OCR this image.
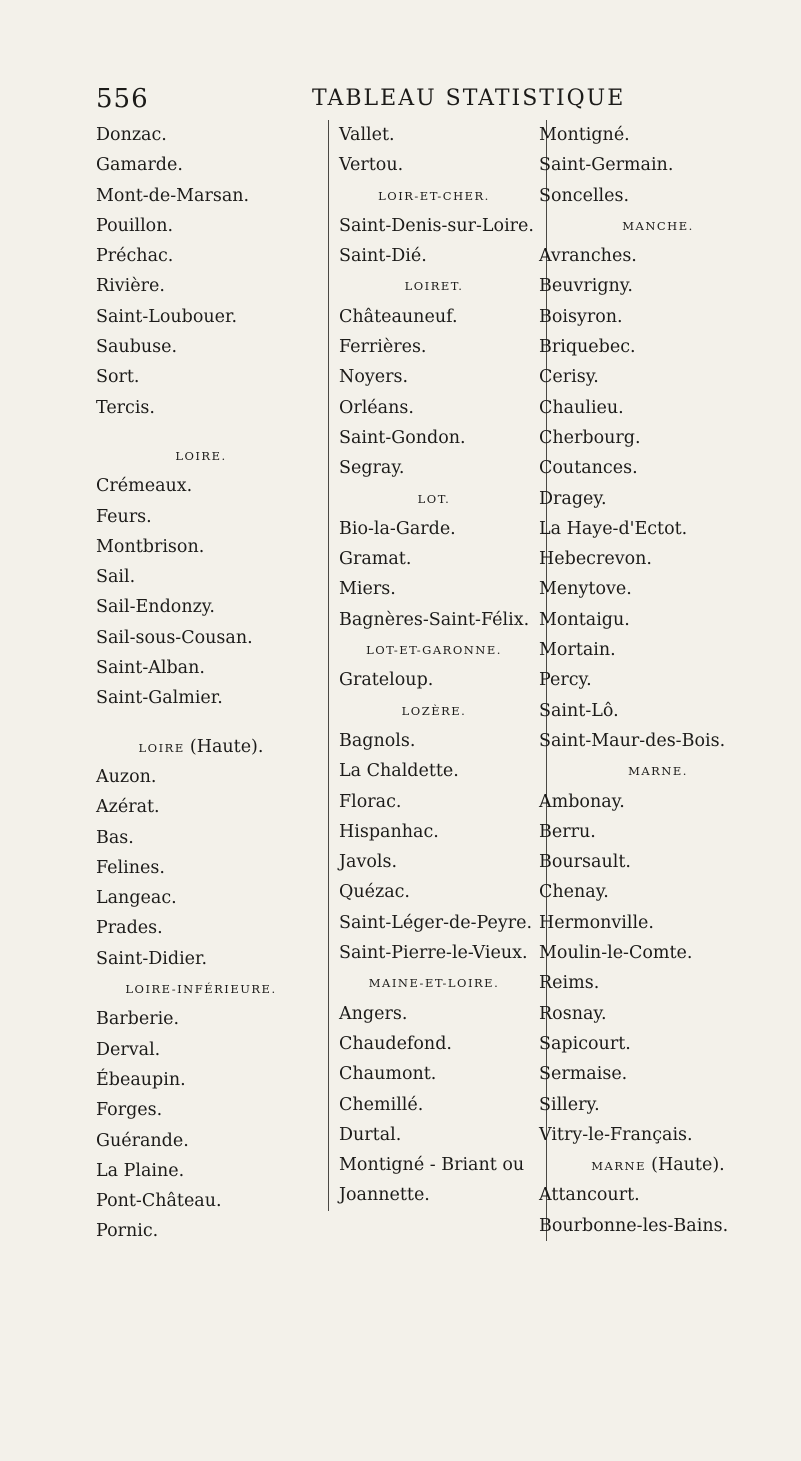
556	TABLEAU STATISTIQUE
Donzac.
Gamarde.
Mont-de-Marsan.
Pouillon.
Préchac.
Rivière.
Saint-Loubouer.
Saubuse.
Sort.
Tercis.
LOIRE.
Crémeaux.
Feurs.
Montbrison.
Sail.
Sail-Endonzy.
Sail-sous-Cousan.
Saint-Alban.
Saint-Galmier.
LOIRE (Haute).
Auzon.
Azérat.
Bas.
Felines.
Langeac.
Prades.
Saint-Didier.
LOIRE-INFÉRIEURE.
Barberie.
Derval.
Ébeaupin.
Forges.
Guérande.
La Plaine.
Pont-Château.
Pornic.
Vallet.
Vertou.
LOIR-ET-CHER.
Saint-Denis-sur-Loire.
Saint-Dié.
LOIRET.
Châteauneuf.
Ferrières.
Noyers.
Orléans.
Saint-Gondon.
Segray.
LOT.
Bio-la-Garde.
Gramat.
Miers.
Bagnères-Saint-Félix.
LOT-ET-GARONNE.
Grateloup.
LOZÈRE.
Bagnols.
La Chaldette.
Florac.
Hispanhac.
Javols.
Quézac.
Saint-Léger-de-Peyre.
Saint-Pierre-le-Vieux.
MAINE-ET-LOIRE.
Angers.
Chaudefond.
Chaumont.
Chemillé.
Durtal.
Montigné - Briant ou
Joannette.
Montigné.
Saint-Germain.
Soncelles.
MANCHE.
Avranches.
Beuvrigny.
Boisyron.
Briquebec.
Cerisy.
Chaulieu.
Cherbourg.
Coutances.
Dragey.
La Haye-d'Ectot.
Hebecrevon.
Menytove.
Montaigu.
Mortain.
Percy.
Saint-Lô.
Saint-Maur-des-Bois.
MARNE.
Ambonay.
Berru.
Boursault.
Chenay.
Hermonville.
Moulin-le-Comte.
Reims.
Rosnay.
Sapicourt.
Sermaise.
Sillery.
Vitry-le-Français.
MARNE (Haute).
Attancourt.
Bourbonne-les-Bains.
